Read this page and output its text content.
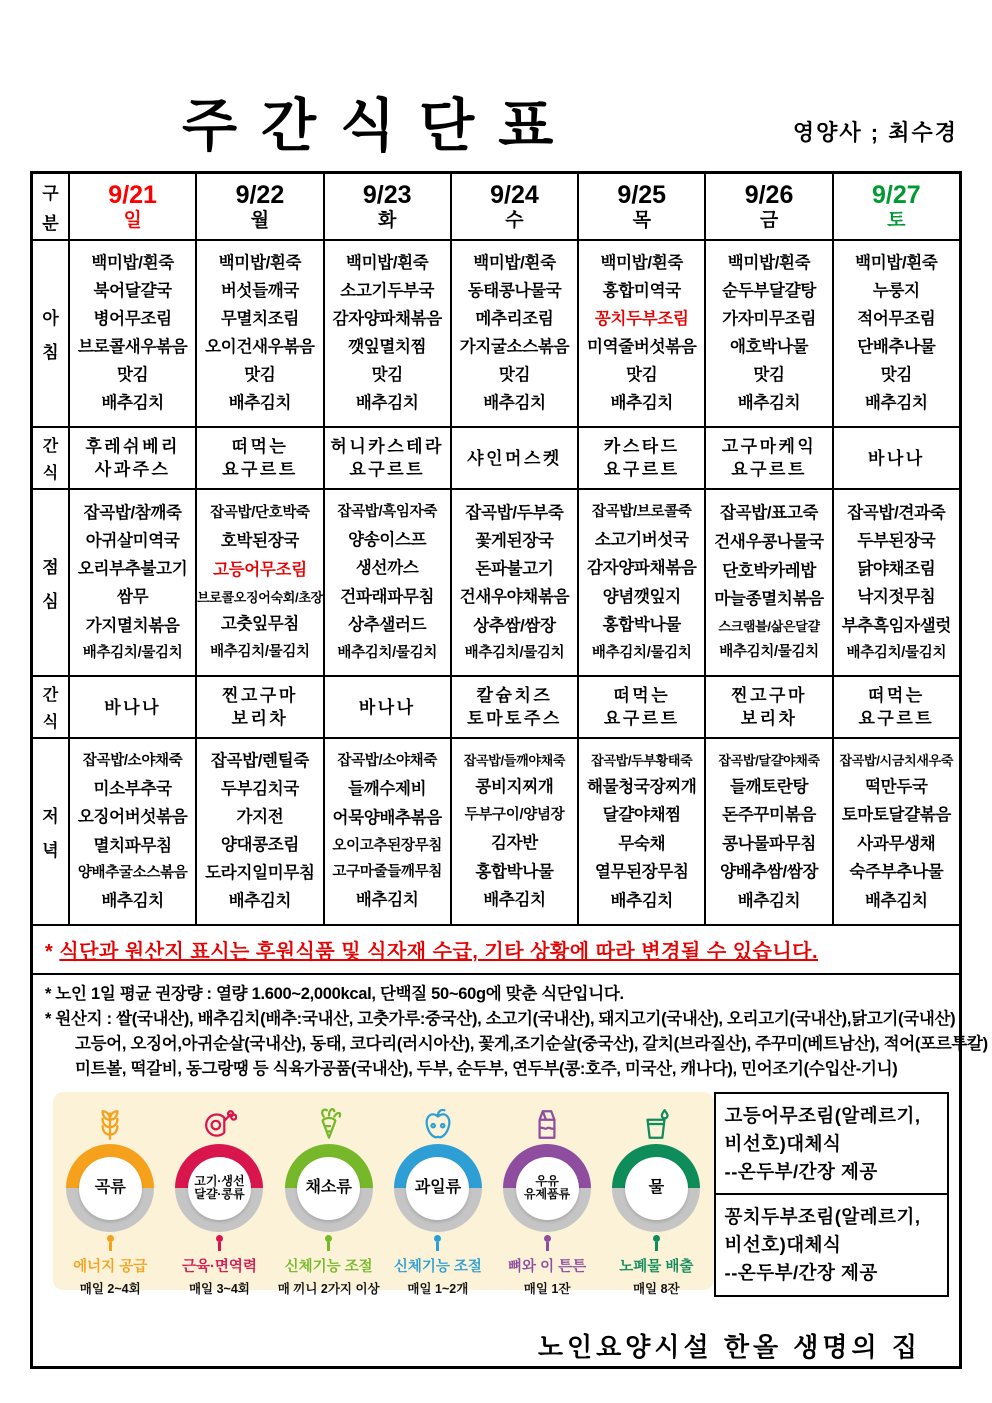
주간식단표	영양사 ; 최수경
구
분
9/21
일
9/22
월
9/23
화
9/24
수
9/25
목
9/26
금
9/27
토
아
침
백미밥/흰죽
북어달걀국
병어무조림
브로콜새우볶음
맛김
배추김치
백미밥/흰죽
버섯들깨국
무멸치조림
오이건새우볶음
맛김
배추김치
백미밥/흰죽
소고기두부국
감자양파채볶음
깻잎멸치찜
맛김
배추김치
백미밥/흰죽
동태콩나물국
메추리조림
가지굴소스볶음
맛김
배추김치
백미밥/흰죽
홍합미역국
꽁치두부조림
미역줄버섯볶음
맛김
배추김치
백미밥/흰죽
순두부달걀탕
가자미무조림
애호박나물
맛김
배추김치
백미밥/흰죽
누룽지
적어무조림
단배추나물
맛김
배추김치
간
식
후레쉬베리
사과주스
떠먹는
요구르트
허니카스테라
요구르트
샤인머스켓
카스타드
요구르트
고구마케익
요구르트
바나나
점
심
잡곡밥/참깨죽
아귀살미역국
오리부추불고기
쌈무
가지멸치볶음
배추김치/물김치
잡곡밥/단호박죽
호박된장국
고등어무조림
브로콜오징어숙회/초장
고춧잎무침
배추김치/물김치
잡곡밥/흑임자죽
양송이스프
생선까스
건파래파무침
상추샐러드
배추김치/물김치
잡곡밥/두부죽
꽃게된장국
돈파불고기
건새우야채볶음
상추쌈/쌈장
배추김치/물김치
잡곡밥/브로콜죽
소고기버섯국
감자양파채볶음
양념깻잎지
홍합박나물
배추김치/물김치
잡곡밥/표고죽
건새우콩나물국
단호박카레밥
마늘종멸치볶음
스크램블/삶은달걀
배추김치/물김치
잡곡밥/견과죽
두부된장국
닭야채조림
낙지젓무침
부추흑임자샐럿
배추김치/물김치
간
식
바나나
찐고구마
보리차
바나나
칼슘치즈
토마토주스
떠먹는
요구르트
찐고구마
보리차
떠먹는
요구르트
저
녁
잡곡밥/소야채죽
미소부추국
오징어버섯볶음
멸치파무침
양배추굴소스볶음
배추김치
잡곡밥/렌틸죽
두부김치국
가지전
양대콩조림
도라지일미무침
배추김치
잡곡밥/소야채죽
들깨수제비
어묵양배추볶음
오이고추된장무침
고구마줄들깨무침
배추김치
잡곡밥/들깨야채죽
콩비지찌개
두부구이/양념장
김자반
홍합박나물
배추김치
잡곡밥/두부황태죽
해물청국장찌개
달걀야채찜
무숙채
열무된장무침
배추김치
잡곡밥/달걀야채죽
들깨토란탕
돈주꾸미볶음
콩나물파무침
양배추쌈/쌈장
배추김치
잡곡밥/시금치새우죽
떡만두국
토마토달걀볶음
사과무생채
숙주부추나물
배추김치
* 식단과 원산지 표시는 후원식품 및 식자재 수급, 기타 상황에 따라 변경될 수 있습니다.
* 노인 1일 평균 권장량 : 열량 1.600~2,000kcal, 단백질 50~60g에 맞춘 식단입니다.
* 원산지 : 쌀(국내산), 배추김치(배추:국내산, 고춧가루:중국산), 소고기(국내산), 돼지고기(국내산), 오리고기(국내산),닭고기(국내산)
고등어, 오징어,아귀순살(국내산), 동태, 코다리(러시아산), 꽃게,조기순살(중국산), 갈치(브라질산), 주꾸미(베트남산), 적어(포르투칼)
미트볼, 떡갈비, 동그랑땡 등 식육가공품(국내산), 두부, 순두부, 연두부(콩:호주, 미국산, 캐나다), 민어조기(수입산-기니)
곡류
에너지 공급
매일 2~4회
고기·생선
달걀·콩류
근육·면역력
매일 3~4회
채소류
신체기능 조절
매 끼니 2가지 이상
과일류
신체기능 조절
매일 1~2개
우유
유제품류
뼈와 이 튼튼
매일 1잔
물
노폐물 배출
매일 8잔
고등어무조림(알레르기,
비선호)대체식
--온두부/간장 제공
꽁치두부조림(알레르기,
비선호)대체식
--온두부/간장 제공
노인요양시설 한올 생명의 집
